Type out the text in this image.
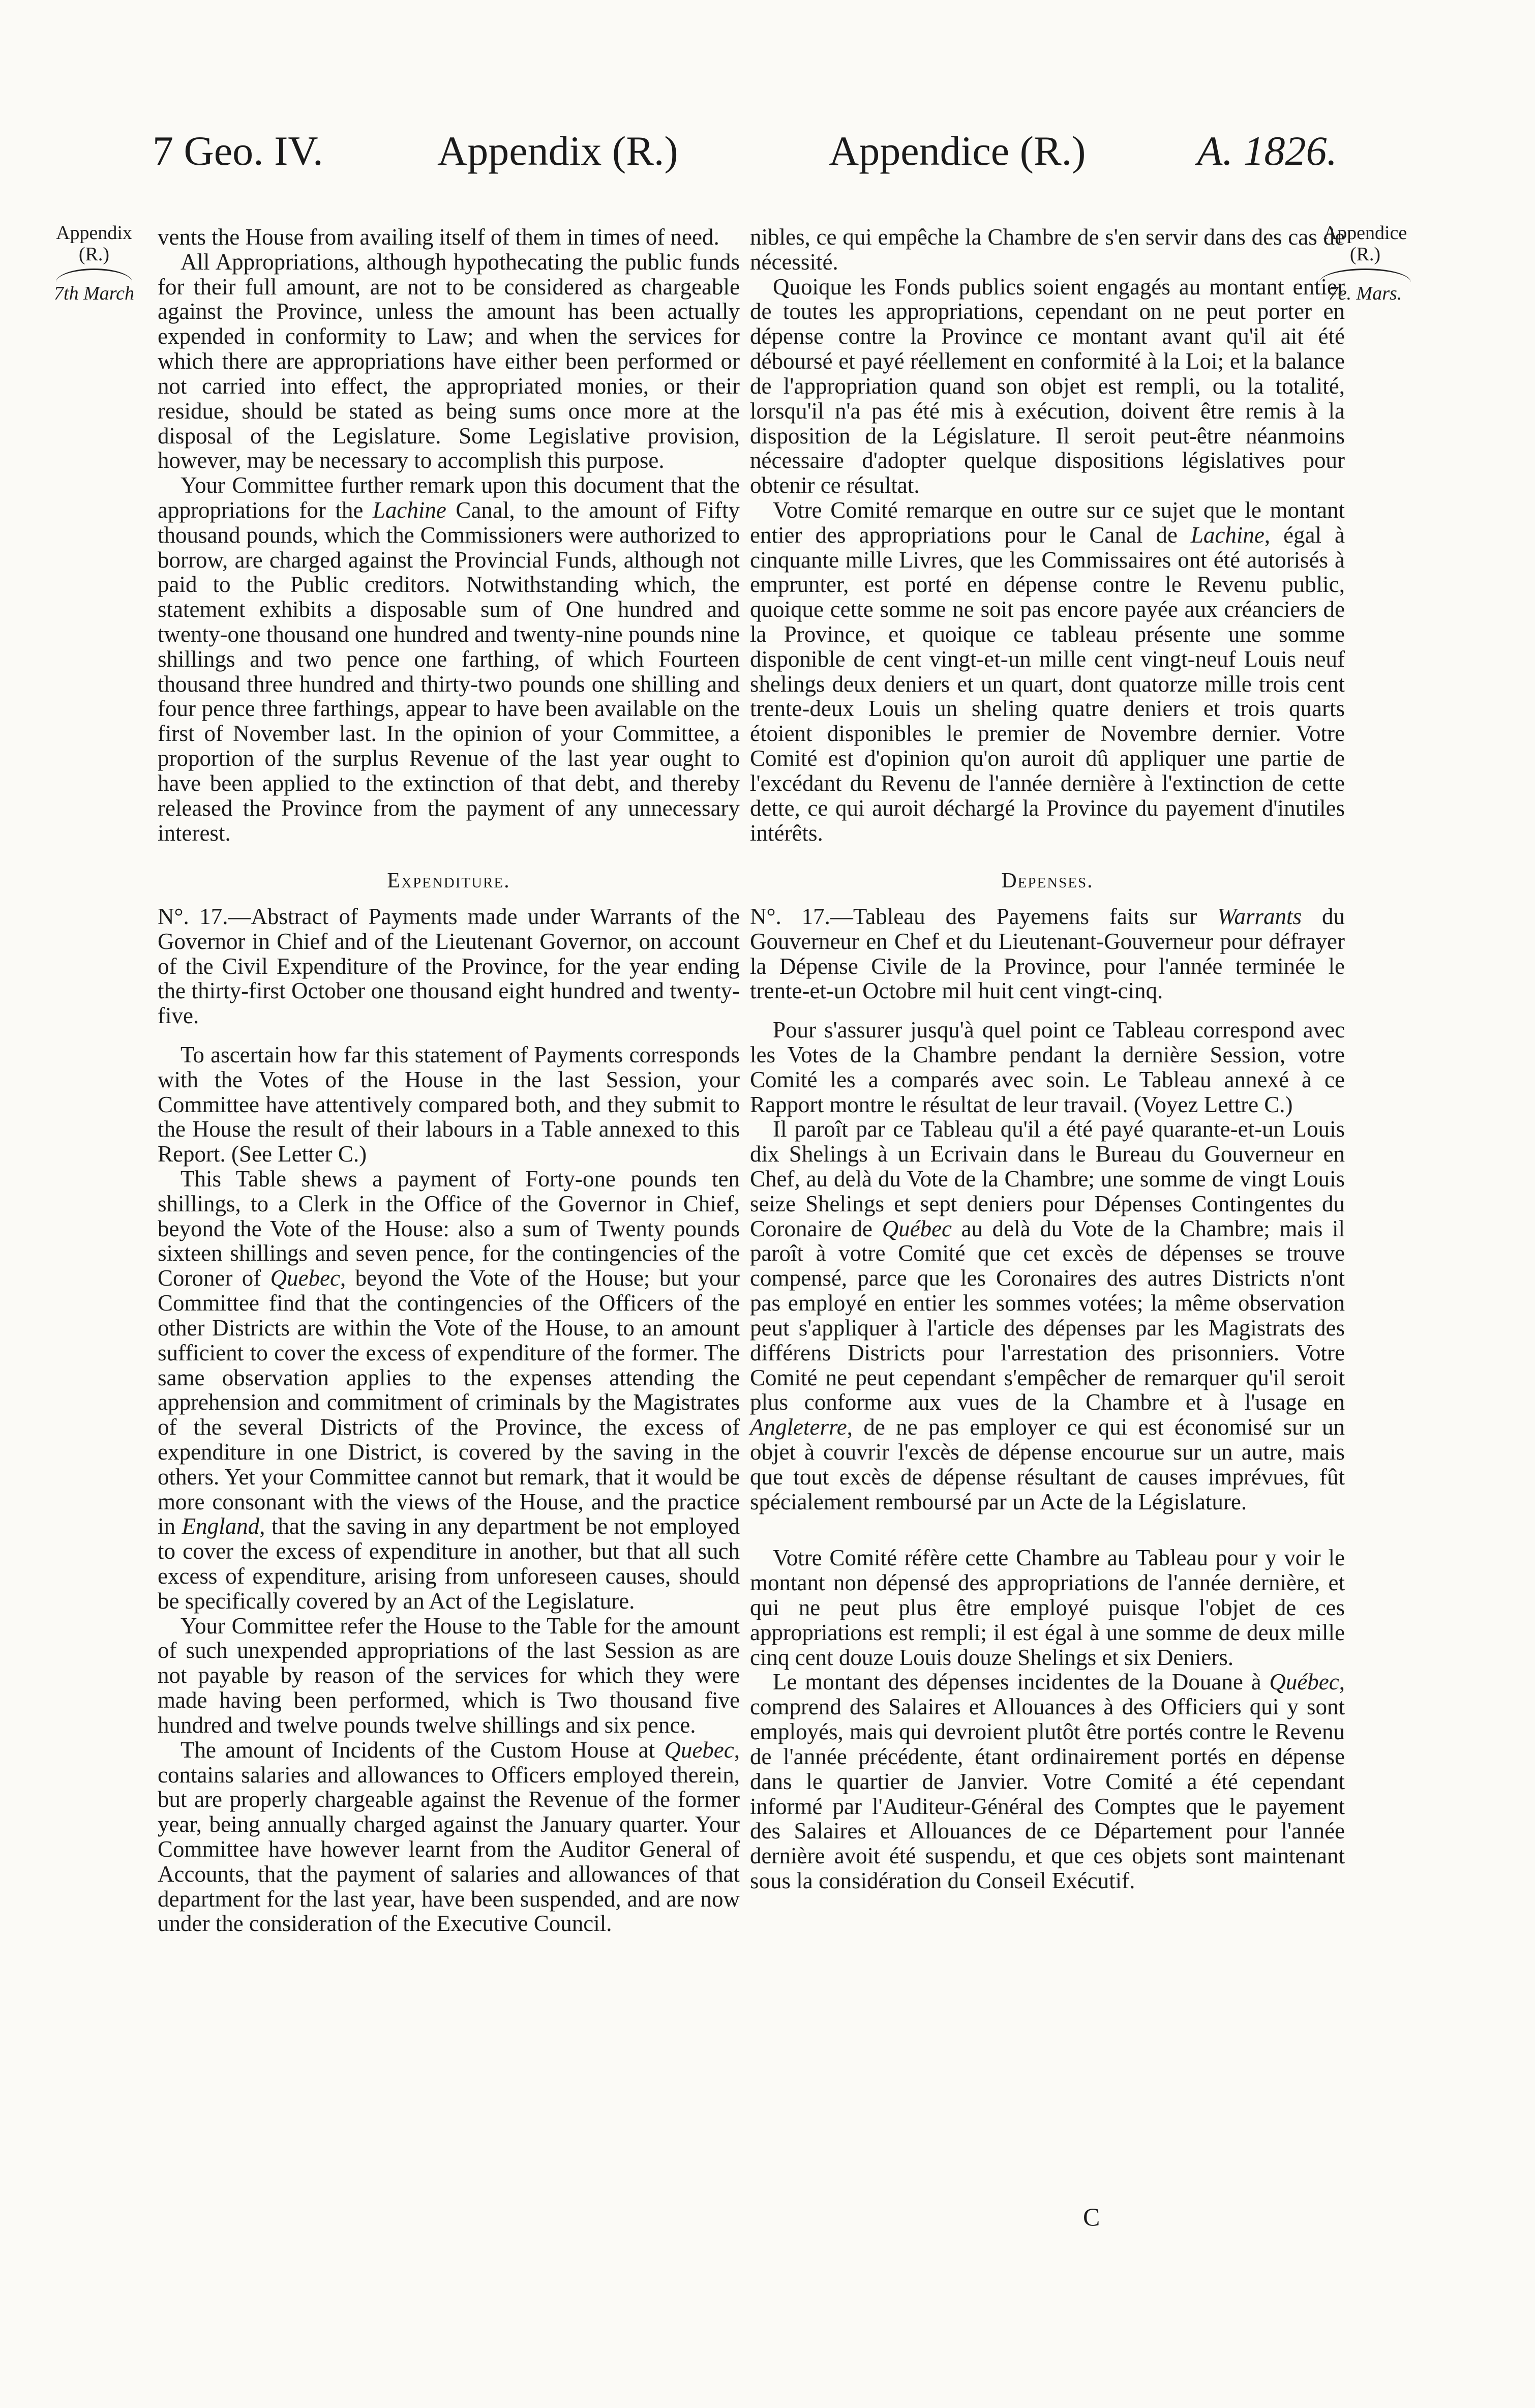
7 Geo. IV.	Appendix (R.)	Appendice (R.)	A. 1826.
Appendix
(R.)
7th March
Appendice
(R.)
7e. Mars.

vents the House from availing itself of them in times of need.

All Appropriations, although hypothecating the public funds for their full amount, are not to be considered as chargeable against the Province, unless the amount has been actually expended in conformity to Law; and when the services for which there are appropriations have either been performed or not carried into effect, the appropriated monies, or their residue, should be stated as being sums once more at the disposal of the Legislature. Some Legislative provision, however, may be necessary to accomplish this purpose.

Your Committee further remark upon this document that the appropriations for the Lachine Canal, to the amount of Fifty thousand pounds, which the Commissioners were authorized to borrow, are charged against the Provincial Funds, although not paid to the Public creditors. Notwithstanding which, the statement exhibits a disposable sum of One hundred and twenty-one thousand one hundred and twenty-nine pounds nine shillings and two pence one farthing, of which Fourteen thousand three hundred and thirty-two pounds one shilling and four pence three farthings, appear to have been available on the first of November last. In the opinion of your Committee, a proportion of the surplus Revenue of the last year ought to have been applied to the extinction of that debt, and thereby released the Province from the payment of any unnecessary interest.

Expenditure.

N°. 17.—Abstract of Payments made under Warrants of the Governor in Chief and of the Lieutenant Governor, on account of the Civil Expenditure of the Province, for the year ending the thirty-first October one thousand eight hundred and twenty-five.

To ascertain how far this statement of Payments corresponds with the Votes of the House in the last Session, your Committee have attentively compared both, and they submit to the House the result of their labours in a Table annexed to this Report. (See Letter C.)

This Table shews a payment of Forty-one pounds ten shillings, to a Clerk in the Office of the Governor in Chief, beyond the Vote of the House: also a sum of Twenty pounds sixteen shillings and seven pence, for the contingencies of the Coroner of Quebec, beyond the Vote of the House; but your Committee find that the contingencies of the Officers of the other Districts are within the Vote of the House, to an amount sufficient to cover the excess of expenditure of the former. The same observation applies to the expenses attending the apprehension and commitment of criminals by the Magistrates of the several Districts of the Province, the excess of expenditure in one District, is covered by the saving in the others. Yet your Committee cannot but remark, that it would be more consonant with the views of the House, and the practice in England, that the saving in any department be not employed to cover the excess of expenditure in another, but that all such excess of expenditure, arising from unforeseen causes, should be specifically covered by an Act of the Legislature.

Your Committee refer the House to the Table for the amount of such unexpended appropriations of the last Session as are not payable by reason of the services for which they were made having been performed, which is Two thousand five hundred and twelve pounds twelve shillings and six pence.

The amount of Incidents of the Custom House at Quebec, contains salaries and allowances to Officers employed therein, but are properly chargeable against the Revenue of the former year, being annually charged against the January quarter. Your Committee have however learnt from the Auditor General of Accounts, that the payment of salaries and allowances of that department for the last year, have been suspended, and are now under the consideration of the Executive Council.

nibles, ce qui empêche la Chambre de s'en servir dans des cas de nécessité.

Quoique les Fonds publics soient engagés au montant entier de toutes les appropriations, cependant on ne peut porter en dépense contre la Province ce montant avant qu'il ait été déboursé et payé réellement en conformité à la Loi; et la balance de l'appropriation quand son objet est rempli, ou la totalité, lorsqu'il n'a pas été mis à exécution, doivent être remis à la disposition de la Législature. Il seroit peut-être néanmoins nécessaire d'adopter quelque dispositions législatives pour obtenir ce résultat.

Votre Comité remarque en outre sur ce sujet que le montant entier des appropriations pour le Canal de Lachine, égal à cinquante mille Livres, que les Commissaires ont été autorisés à emprunter, est porté en dépense contre le Revenu public, quoique cette somme ne soit pas encore payée aux créanciers de la Province, et quoique ce tableau présente une somme disponible de cent vingt-et-un mille cent vingt-neuf Louis neuf shelings deux deniers et un quart, dont quatorze mille trois cent trente-deux Louis un sheling quatre deniers et trois quarts étoient disponibles le premier de Novembre dernier. Votre Comité est d'opinion qu'on auroit dû appliquer une partie de l'excédant du Revenu de l'année dernière à l'extinction de cette dette, ce qui auroit déchargé la Province du payement d'inutiles intérêts.

Depenses.

N°. 17.—Tableau des Payemens faits sur Warrants du Gouverneur en Chef et du Lieutenant-Gouverneur pour défrayer la Dépense Civile de la Province, pour l'année terminée le trente-et-un Octobre mil huit cent vingt-cinq.

Pour s'assurer jusqu'à quel point ce Tableau correspond avec les Votes de la Chambre pendant la dernière Session, votre Comité les a comparés avec soin. Le Tableau annexé à ce Rapport montre le résultat de leur travail. (Voyez Lettre C.)

Il paroît par ce Tableau qu'il a été payé quarante-et-un Louis dix Shelings à un Ecrivain dans le Bureau du Gouverneur en Chef, au delà du Vote de la Chambre; une somme de vingt Louis seize Shelings et sept deniers pour Dépenses Contingentes du Coronaire de Québec au delà du Vote de la Chambre; mais il paroît à votre Comité que cet excès de dépenses se trouve compensé, parce que les Coronaires des autres Districts n'ont pas employé en entier les sommes votées; la même observation peut s'appliquer à l'article des dépenses par les Magistrats des différens Districts pour l'arrestation des prisonniers. Votre Comité ne peut cependant s'empêcher de remarquer qu'il seroit plus conforme aux vues de la Chambre et à l'usage en Angleterre, de ne pas employer ce qui est économisé sur un objet à couvrir l'excès de dépense encourue sur un autre, mais que tout excès de dépense résultant de causes imprévues, fût spécialement remboursé par un Acte de la Législature.

Votre Comité réfère cette Chambre au Tableau pour y voir le montant non dépensé des appropriations de l'année dernière, et qui ne peut plus être employé puisque l'objet de ces appropriations est rempli; il est égal à une somme de deux mille cinq cent douze Louis douze Shelings et six Deniers.

Le montant des dépenses incidentes de la Douane à Québec, comprend des Salaires et Allouances à des Officiers qui y sont employés, mais qui devroient plutôt être portés contre le Revenu de l'année précédente, étant ordinairement portés en dépense dans le quartier de Janvier. Votre Comité a été cependant informé par l'Auditeur-Général des Comptes que le payement des Salaires et Allouances de ce Département pour l'année dernière avoit été suspendu, et que ces objets sont maintenant sous la considération du Conseil Exécutif.

C
